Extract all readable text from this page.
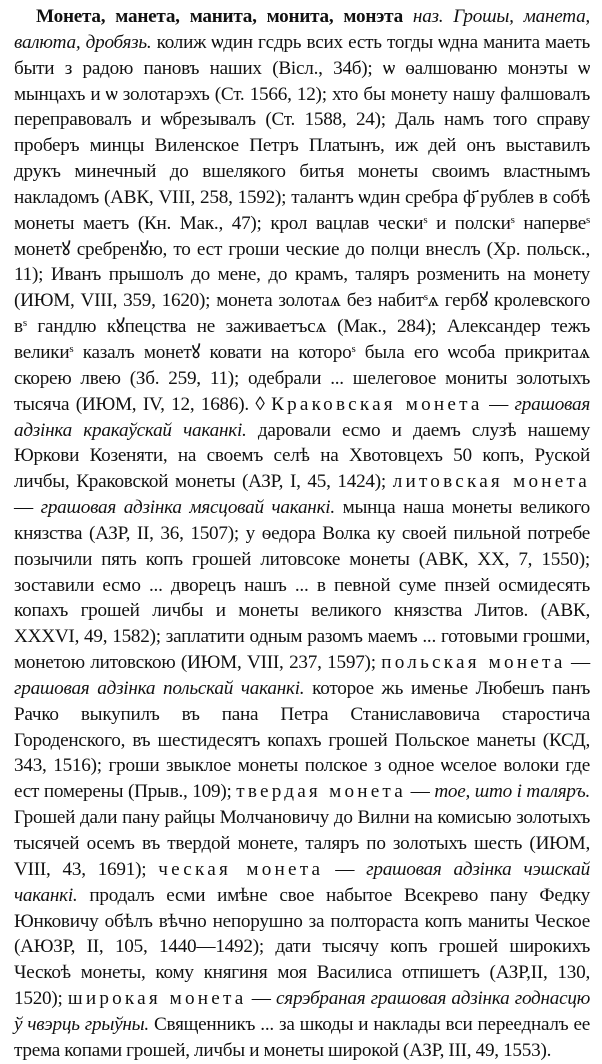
Монета, манета, манита, монита, монэта наз. Грошы, манета, валюта, дробязь. колиж ѡдин гсдрь всих есть тогды ѡдна манита маеть быти з радою пановъ наших (Вісл., 34б); ѡ ѳалшованю монэты ѡ мынцахъ и ѡ золотарэхъ (Ст. 1566, 12); хто бы монету нашу фалшовалъ переправовалъ и ѡбрезывалъ (Ст. 1588, 24); Даль намъ того справу проберъ минцы Виленское Петръ Платынъ, иж дей онъ выставилъ друкъ минечный до вшелякого битья монеты своимъ властнымъ накладомъ (АВК, VIII, 258, 1592); талантъ ѡдин сребра ф҃ рублев в собѣ монеты маетъ (Кн. Мак., 47); крол вацлав чески$^s$ и полски$^s$ наперве$^s$ монетꙋ сребренꙋю, то ест гроши ческие до полци внеслъ (Хр. польск., 11); Иванъ прышолъ до мене, до крамъ, таляръ розменить на монету (ИЮМ, VIII, 359, 1620); монета золотаѧ без набит$^s$ѧ гербꙋ кролевского $в^s$ гандлю кꙋпецства не заживаетъсѧ (Мак., 284); Александер тежъ велики$^s$ казалъ монетꙋ ковати на которо$^s$ была его ѡсоба прикритаѧ скорею лвею (Зб. 259, 11); одебрали ... шелеговое мониты золотыхъ тысяча (ИЮМ, IV, 12, 1686). ◊ Краковская монета — грашовая адзінка кракаўскай чаканкі. даровали есмо и даемъ слузѣ нашему Юркови Козеняти, на своемъ селѣ на Хвотовцехъ 50 копъ, Руской личбы, Краковской монеты (АЗР, I, 45, 1424); литовская монета — грашовая адзінка мясцовай чаканкі. мынца наша монеты великого князства (АЗР, II, 36, 1507); у ѳедора Волка ку своей пильной потребе позычили пять копъ грошей литовсоке монеты (АВК, XX, 7, 1550); зоставили есмо ... дворецъ нашъ ... в певной суме пнзей осмидесять копахъ грошей личбы и монеты великого князства Литов. (АВК, XXXVI, 49, 1582); заплатити одным разомъ маемъ ... готовыми грошми, монетою литовскою (ИЮМ, VIII, 237, 1597); польская монета — грашовая адзінка польскай чаканкі. которое жь именье Любешъ панъ Рачко выкупилъ въ пана Петра Станиславовича старостича Городенского, въ шестидесятъ копахъ грошей Польское манеты (КСД, 343, 1516); гроши звыклое монеты полское з одное ѡселое волоки где ест померены (Прыв., 109); твердая монета — тое, што і таляръ. Грошей дали пану райцы Молчановичу до Вилни на комисыю золотыхъ тысячей осемъ въ твердой монете, таляръ по золотыхъ шесть (ИЮМ, VIII, 43, 1691); ческая монета — грашовая адзінка чэшскай чаканкі. продалъ есми имѣне свое набытое Всекрево пану Федку Юнковичу обѣлъ вѣчно непорушно за полтораста копъ маниты Ческое (АЮЗР, II, 105, 1440—1492); дати тысячу копъ грошей широкихъ Ческоѣ монеты, кому княгиня моя Василиса отпишетъ (АЗР,II, 130, 1520); широкая монета — сярэбраная грашовая адзінка годнасцю ў чвэрць грыўны. Священникъ ... за шкоды и наклады вси переедналъ ее трема копами грошей, личбы и монеты широкой (АЗР, III, 49, 1553).
